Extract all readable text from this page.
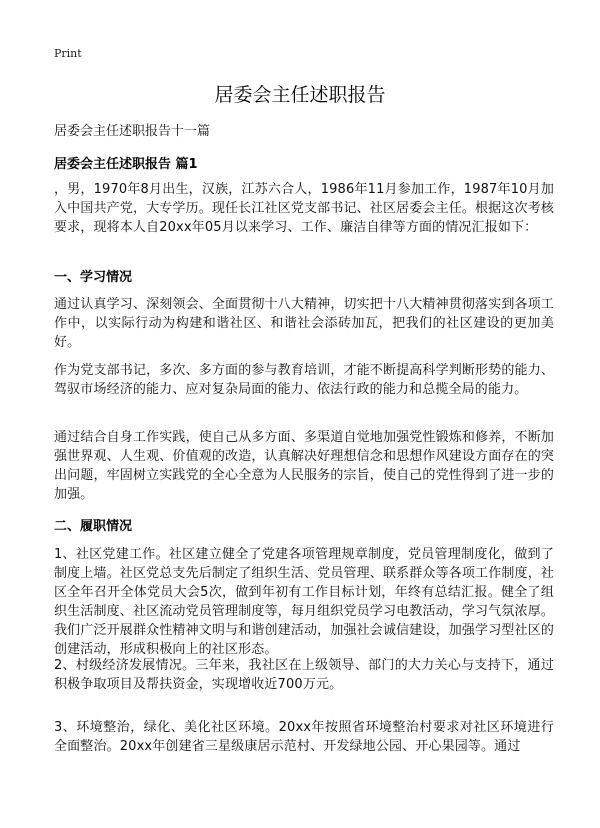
Print
居委会主任述职报告
居委会主任述职报告十一篇
居委会主任述职报告 篇1

，男，1970年8月出生，汉族，江苏六合人，1986年11月参加工作，1987年10月加入中国共产党，大专学历。现任长江社区党支部书记、社区居委会主任。根据这次考核要求，现将本人自20xx年05月以来学习、工作、廉洁自律等方面的情况汇报如下：

一、学习情况

通过认真学习、深刻领会、全面贯彻十八大精神，切实把十八大精神贯彻落实到各项工作中，以实际行动为构建和谐社区、和谐社会添砖加瓦，把我们的社区建设的更加美好。

作为党支部书记，多次、多方面的参与教育培训，才能不断提高科学判断形势的能力、驾驭市场经济的能力、应对复杂局面的能力、依法行政的能力和总揽全局的能力。

通过结合自身工作实践，使自己从多方面、多渠道自觉地加强党性锻炼和修养，不断加强世界观、人生观、价值观的改造，认真解决好理想信念和思想作风建设方面存在的突出问题，牢固树立实践党的全心全意为人民服务的宗旨，使自己的党性得到了进一步的加强。

二、履职情况

1、社区党建工作。社区建立健全了党建各项管理规章制度，党员管理制度化，做到了制度上墙。社区党总支先后制定了组织生活、党员管理、联系群众等各项工作制度，社区全年召开全体党员大会5次，做到年初有工作目标计划，年终有总结汇报。健全了组织生活制度、社区流动党员管理制度等，每月组织党员学习电教活动，学习气氛浓厚。我们广泛开展群众性精神文明与和谐创建活动，加强社会诚信建设，加强学习型社区的创建活动，形成积极向上的社区形态。

2、村级经济发展情况。三年来，我社区在上级领导、部门的大力关心与支持下，通过积极争取项目及帮扶资金，实现增收近700万元。

3、环境整治，绿化、美化社区环境。20xx年按照省环境整治村要求对社区环境进行全面整治。20xx年创建省三星级康居示范村、开发绿地公园、开心果园等。通过
